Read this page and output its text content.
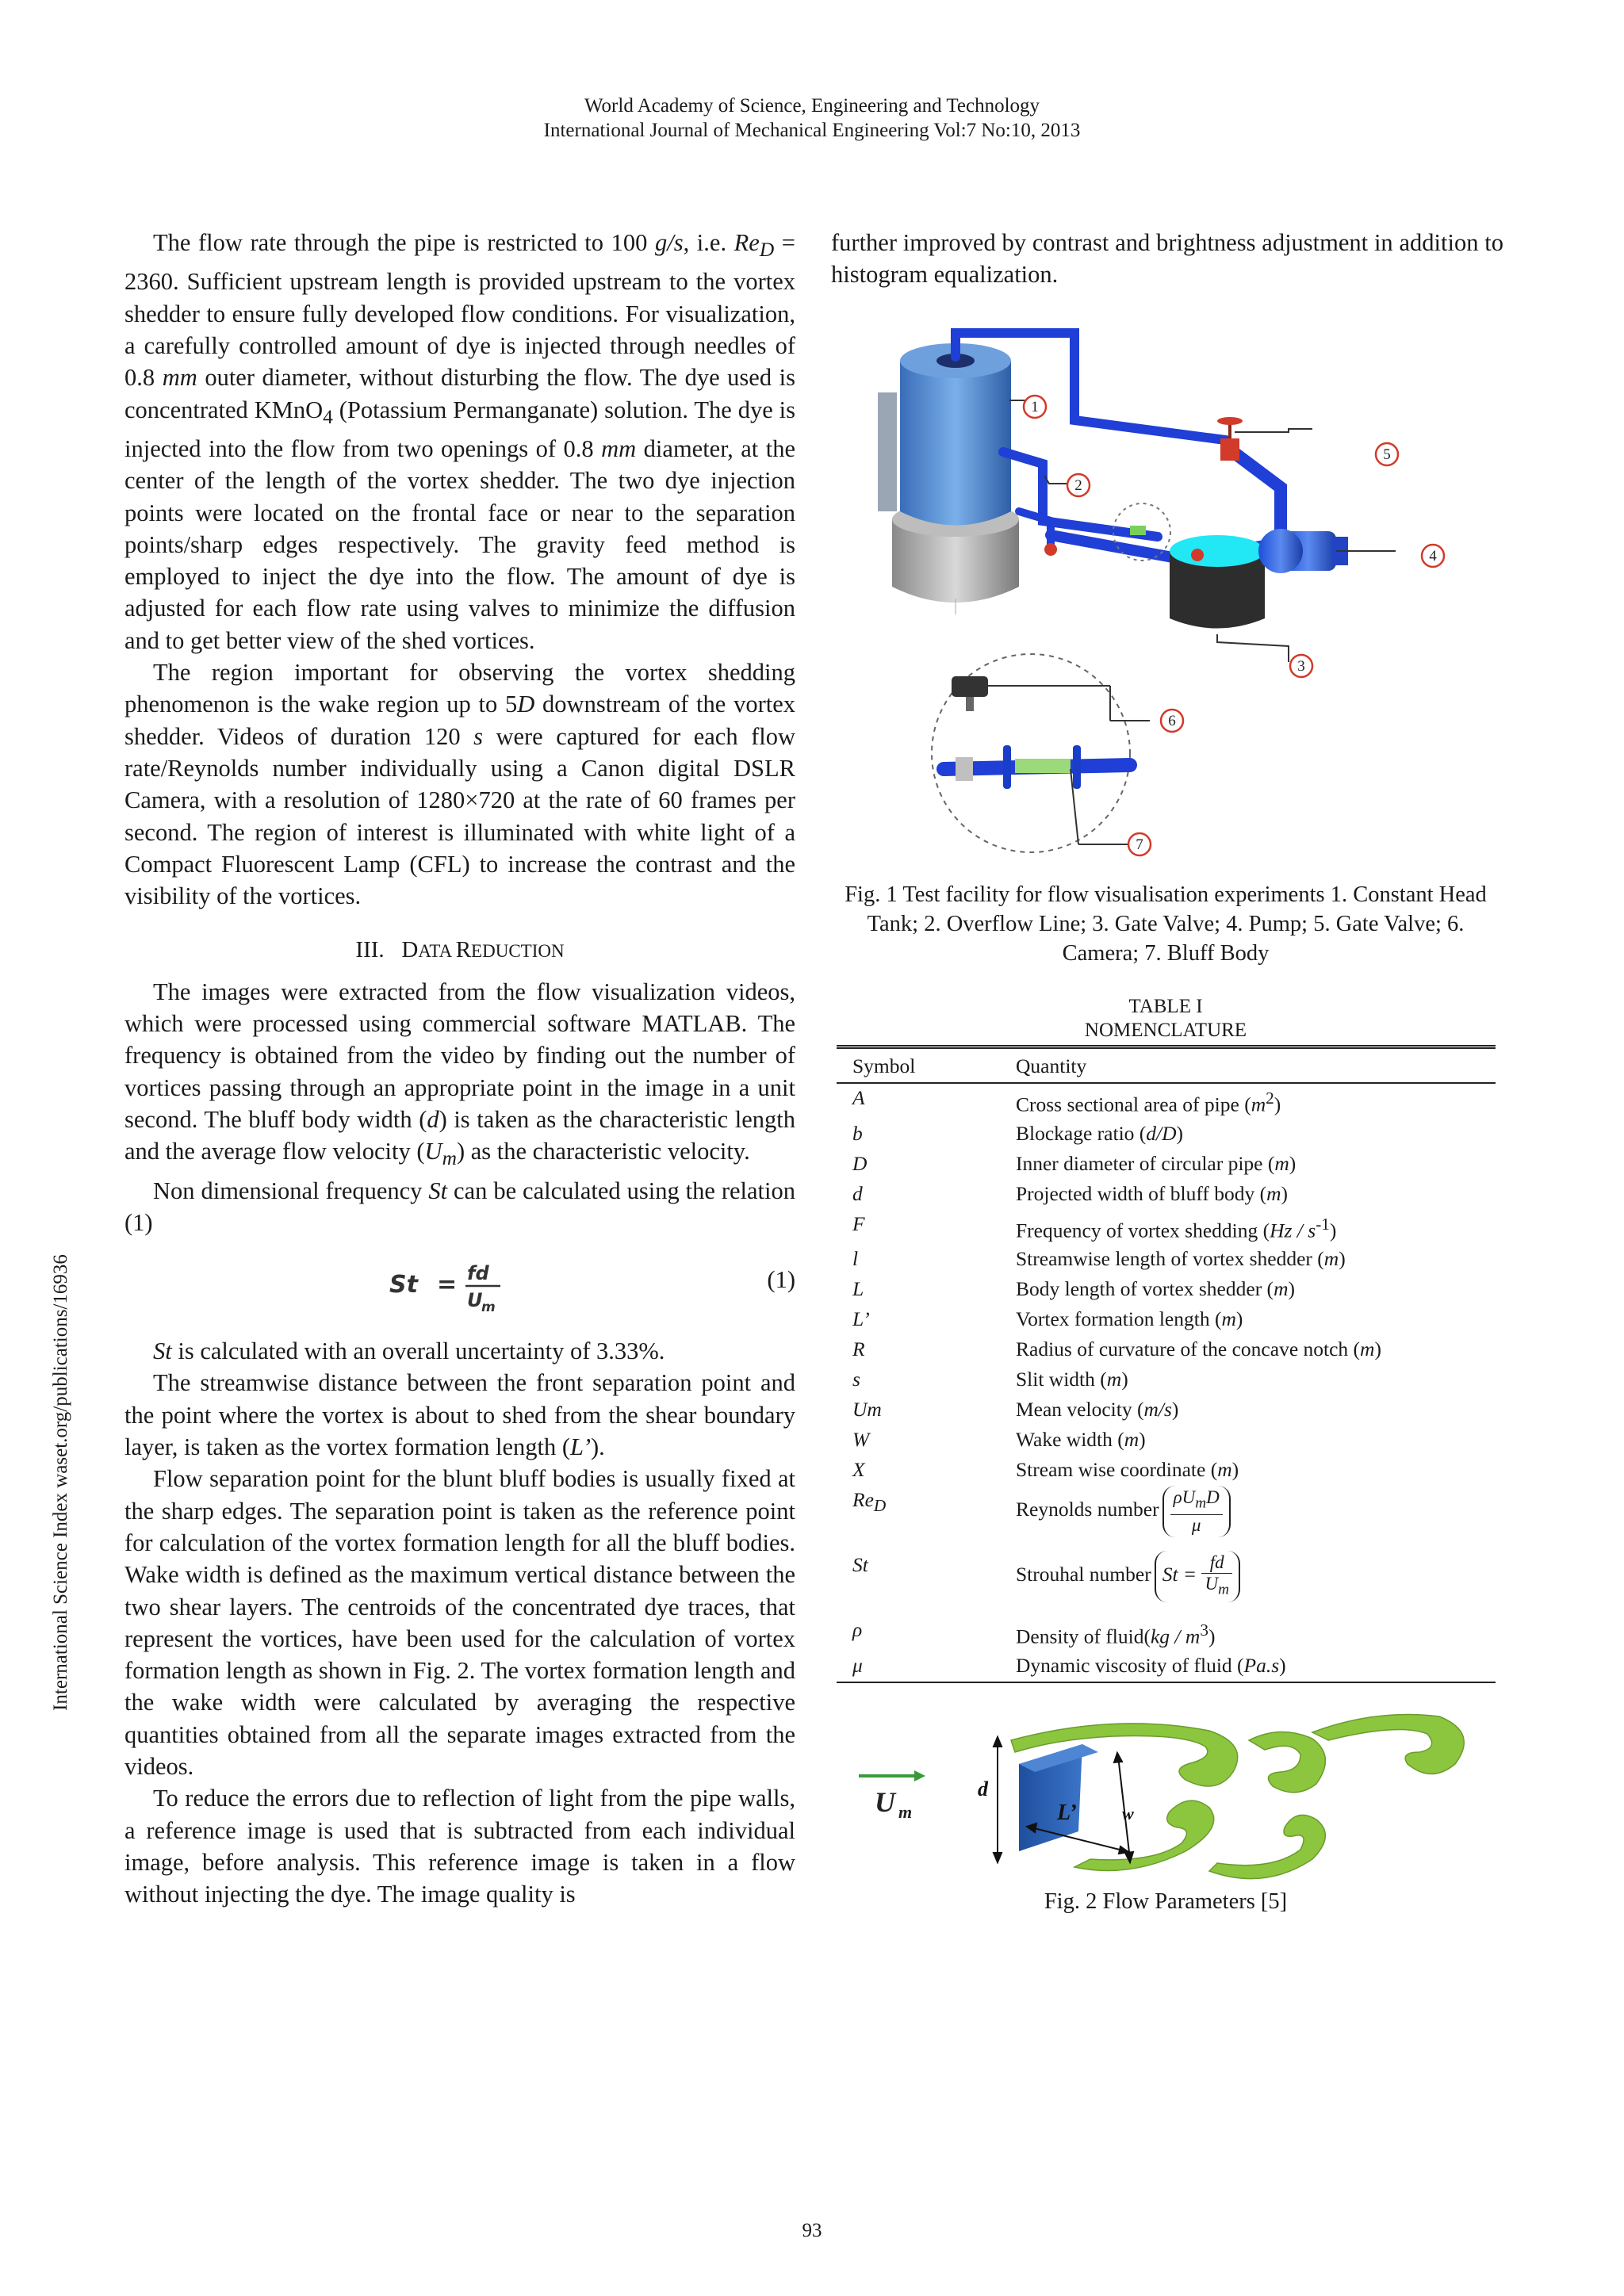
World Academy of Science, Engineering and Technology
International Journal of Mechanical Engineering Vol:7 No:10, 2013
International Science Index waset.org/publications/16936

The flow rate through the pipe is restricted to 100 g/s, i.e. $Re_D = 2360$. Sufficient upstream length is provided upstream to the vortex shedder to ensure fully developed flow conditions. For visualization, a carefully controlled amount of dye is injected through needles of 0.8 mm outer diameter, without disturbing the flow. The dye used is concentrated KMnO$_4$ (Potassium Permanganate) solution. The dye is injected into the flow from two openings of 0.8 mm diameter, at the center of the length of the vortex shedder. The two dye injection points were located on the frontal face or near to the separation points/sharp edges respectively. The gravity feed method is employed to inject the dye into the flow. The amount of dye is adjusted for each flow rate using valves to minimize the diffusion and to get better view of the shed vortices.

The region important for observing the vortex shedding phenomenon is the wake region up to 5D downstream of the vortex shedder. Videos of duration 120 s were captured for each flow rate/Reynolds number individually using a Canon digital DSLR Camera, with a resolution of 1280×720 at the rate of 60 frames per second. The region of interest is illuminated with white light of a Compact Fluorescent Lamp (CFL) to increase the contrast and the visibility of the vortices.

III. DATA REDUCTION

The images were extracted from the flow visualization videos, which were processed using commercial software MATLAB. The frequency is obtained from the video by finding out the number of vortices passing through an appropriate point in the image in a unit second. The bluff body width (d) is taken as the characteristic length and the average flow velocity $(U_m)$ as the characteristic velocity.

Non dimensional frequency St can be calculated using the relation (1)

St = fd
U
m
(1)

St is calculated with an overall uncertainty of 3.33%.

The streamwise distance between the front separation point and the point where the vortex is about to shed from the shear boundary layer, is taken as the vortex formation length (L’).

Flow separation point for the blunt bluff bodies is usually fixed at the sharp edges. The separation point is taken as the reference point for calculation of the vortex formation length for all the bluff bodies. Wake width is defined as the maximum vertical distance between the two shear layers. The centroids of the concentrated dye traces, that represent the vortices, have been used for the calculation of vortex formation length as shown in Fig. 2. The vortex formation length and the wake width were calculated by averaging the respective quantities obtained from all the separate images extracted from the videos.

To reduce the errors due to reflection of light from the pipe walls, a reference image is used that is subtracted from each individual image, before analysis. This reference image is taken in a flow without injecting the dye. The image quality is

further improved by contrast and brightness adjustment in addition to histogram equalization.

1
2
3
4
5
6
7
Fig. 1 Test facility for flow visualisation experiments 1. Constant Head Tank; 2. Overflow Line; 3. Gate Valve; 4. Pump; 5. Gate Valve; 6. Camera; 7. Bluff Body
TABLE I
NOMENCLATURE
Symbol	Quantity
A	Cross sectional area of pipe $(m^2)$
b	Blockage ratio (d/D)
D	Inner diameter of circular pipe (m)
d	Projected width of bluff body (m)
F	Frequency of vortex shedding $(Hz / s^{-1})$
l	Streamwise length of vortex shedder (m)
L	Body length of vortex shedder (m)
L’	Vortex formation length (m)
R	Radius of curvature of the concave notch (m)
s	Slit width (m)
Um	Mean velocity (m/s)
W	Wake width (m)
X	Stream wise coordinate (m)
$Re_D$	Reynolds number $\frac{\rho U_mD}{\mu}$

St	Strouhal number $St = \frac{fd}{U_m}$

ρ	Density of fluid(kg / $m^3$)
μ	Dynamic viscosity of fluid (Pa.s)
U m
d
L’	w
Fig. 2 Flow Parameters [5]
93
